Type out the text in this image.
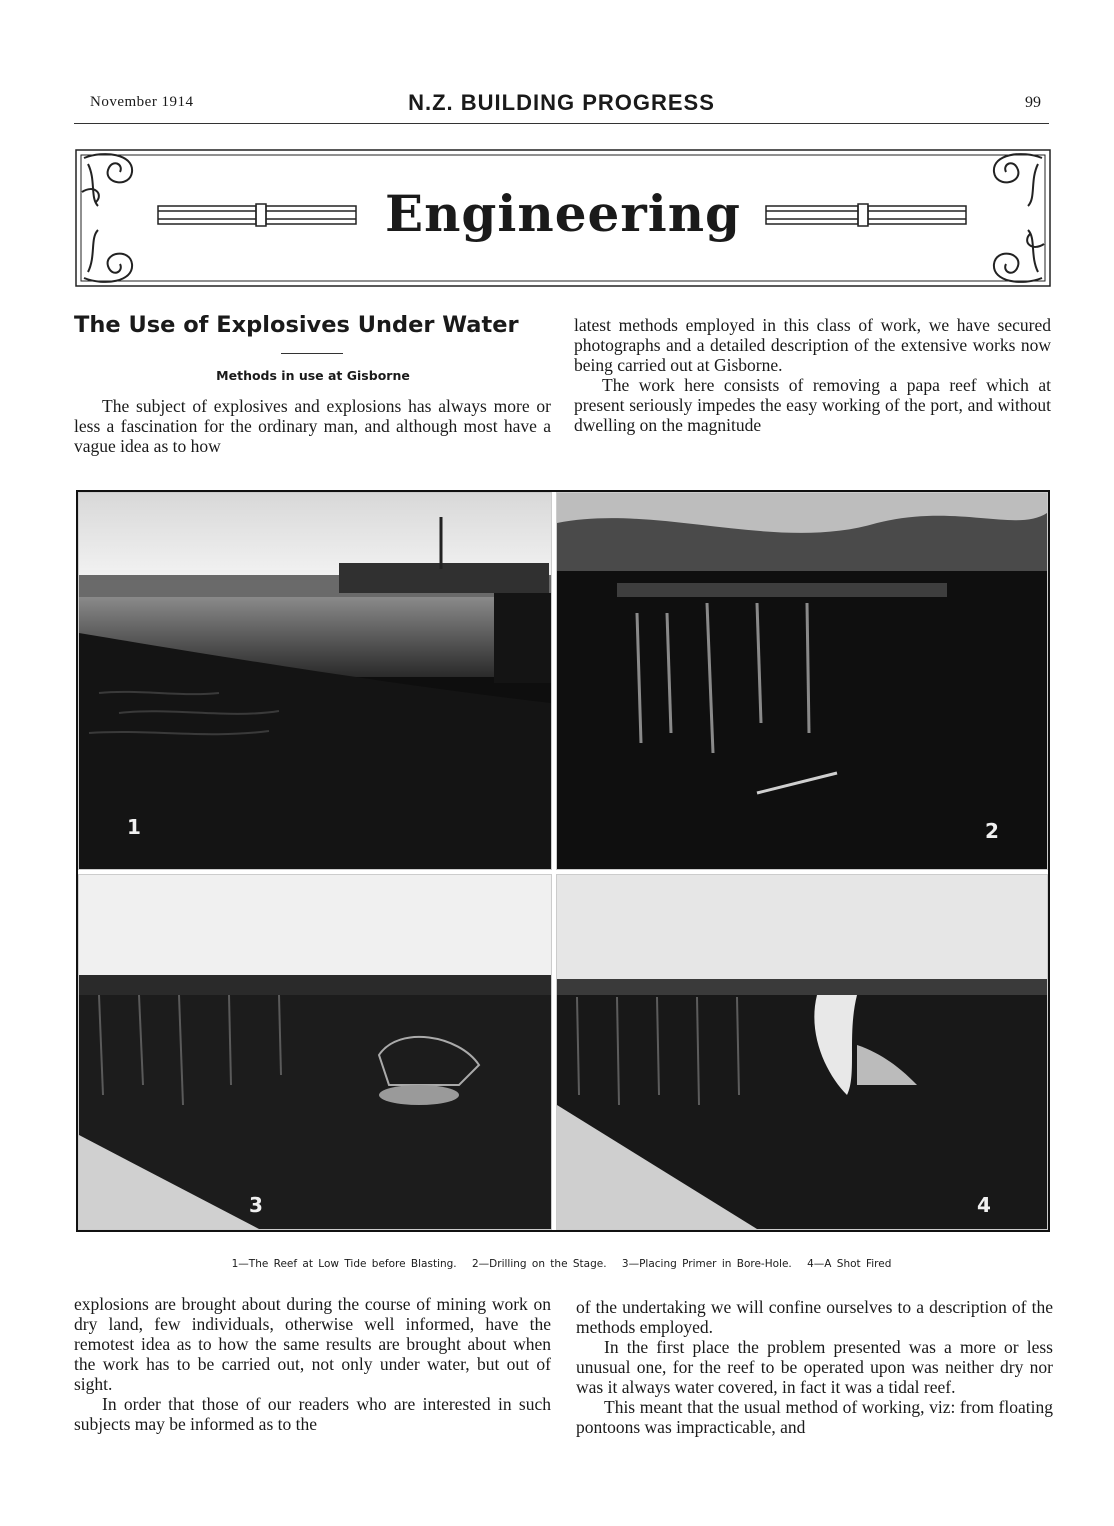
November 1914	N.Z. BUILDING PROGRESS	99
Engineering
The Use of Explosives Under Water
Methods in use at Gisborne

The subject of explosives and explosions has always more or less a fascination for the ordinary man, and although most have a vague idea as to how

latest methods employed in this class of work, we have secured photographs and a detailed description of the extensive works now being carried out at Gisborne.

The work here consists of removing a papa reef which at present seriously impedes the easy working of the port, and without dwelling on the magnitude

1	2
3	4
1—The Reef at Low Tide before Blasting. 2—Drilling on the Stage. 3—Placing Primer in Bore-Hole. 4—A Shot Fired

explosions are brought about during the course of mining work on dry land, few individuals, otherwise well informed, have the remotest idea as to how the same results are brought about when the work has to be carried out, not only under water, but out of sight.

In order that those of our readers who are interested in such subjects may be informed as to the

of the undertaking we will confine ourselves to a description of the methods employed.

In the first place the problem presented was a more or less unusual one, for the reef to be operated upon was neither dry nor was it always water covered, in fact it was a tidal reef.

This meant that the usual method of working, viz: from floating pontoons was impracticable, and
